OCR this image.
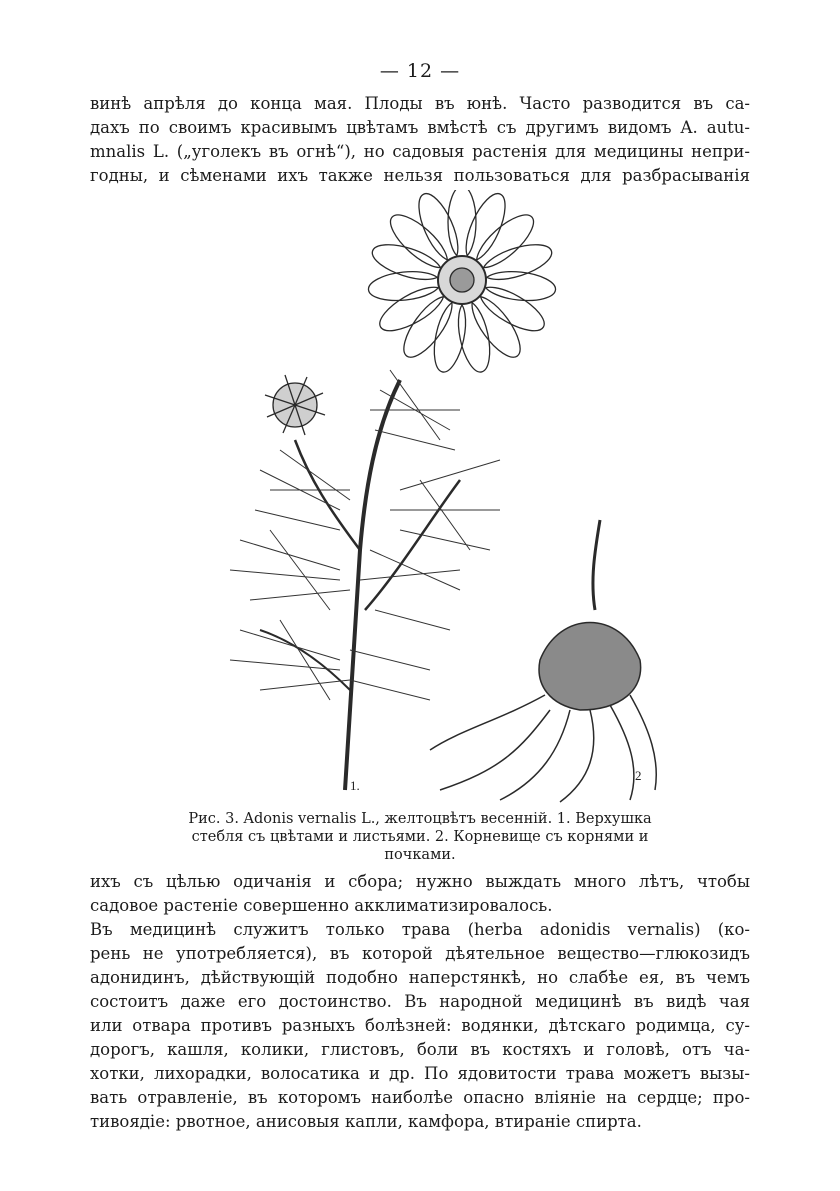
— 12 —

винѣ апрѣля до конца мая. Плоды въ юнѣ. Часто разводится въ са-
дахъ по своимъ красивымъ цвѣтамъ вмѣстѣ съ другимъ видомъ A. autu-
mnalis L. („уголекъ въ огнѣ“), но садовыя растенія для медицины непри-
годны, и сѣменами ихъ также нельзя пользоваться для разбрасыванія

1.
2
Рис. 3. Adonis vernalis L., желтоцвѣтъ весенній. 1. Верхушка
стебля съ цвѣтами и листьями. 2. Корневище съ корнями и
почками.

ихъ съ цѣлью одичанія и сбора; нужно выждать много лѣтъ, чтобы
садовое растеніе совершенно акклиматизировалось.
Въ медицинѣ служитъ только трава (herba adonidis vernalis) (ко-
рень не употребляется), въ которой дѣятельное вещество—глюкозидъ
адонидинъ, дѣйствующій подобно наперстянкѣ, но слабѣе ея, въ чемъ
состоитъ даже его достоинство. Въ народной медицинѣ въ видѣ чая
или отвара противъ разныхъ болѣзней: водянки, дѣтскаго родимца, су-
дорогъ, кашля, колики, глистовъ, боли въ костяхъ и головѣ, отъ ча-
хотки, лихорадки, волосатика и др. По ядовитости трава можетъ вызы-
вать отравленіе, въ которомъ наиболѣе опасно вліяніе на сердце; про-
тивоядіе: рвотное, анисовыя капли, камфора, втираніе спирта.
